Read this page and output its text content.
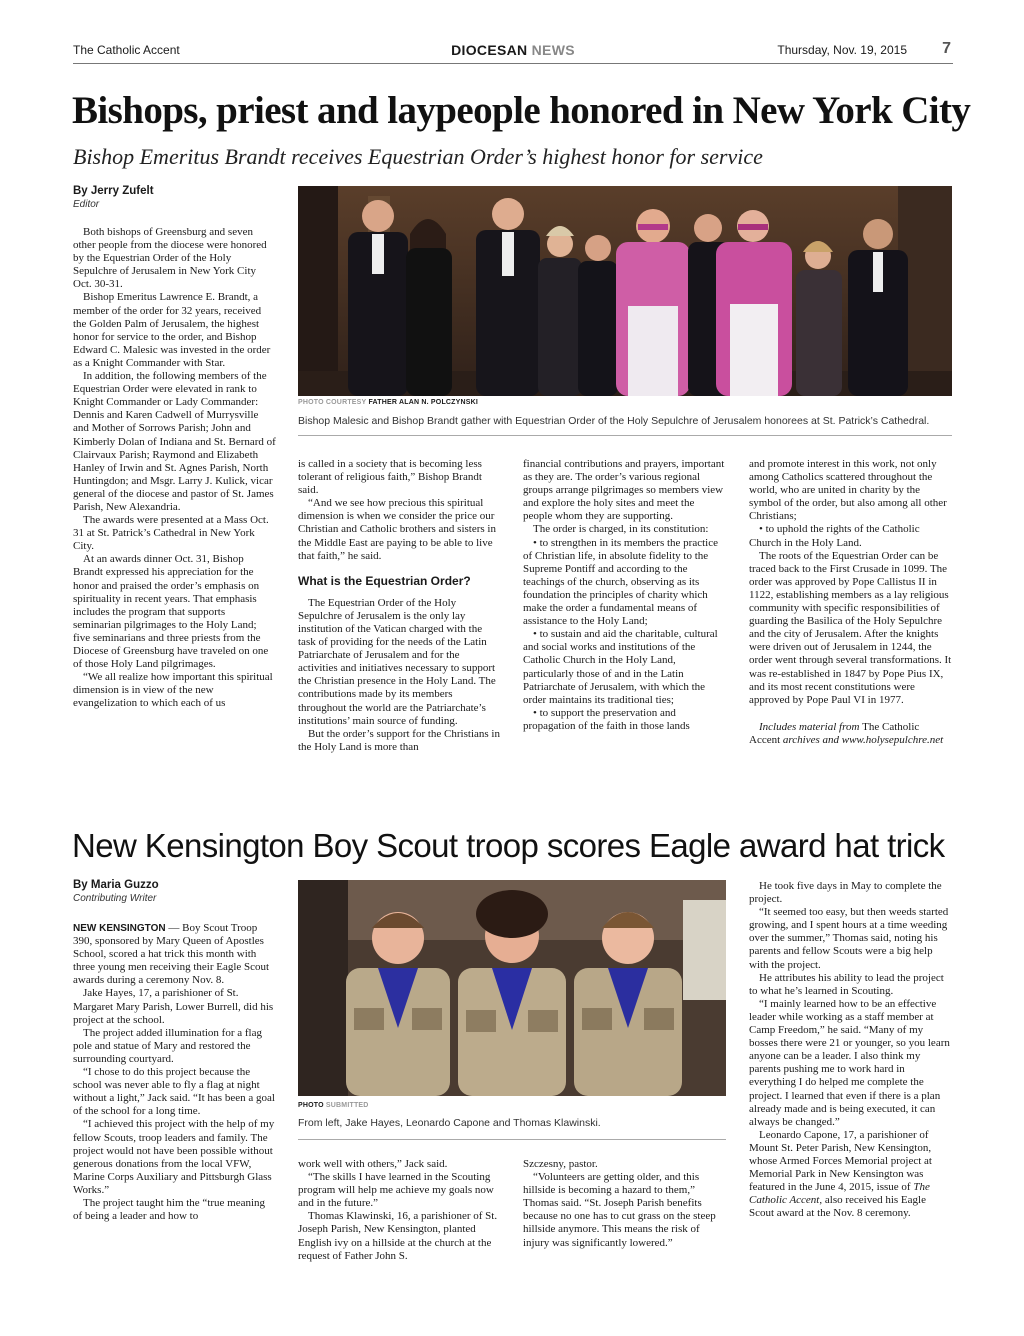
The Catholic Accent	DIOCESAN NEWS	Thursday, Nov. 19, 2015 7
Bishops, priest and laypeople honored in New York City
Bishop Emeritus Brandt receives Equestrian Order’s highest honor for service
By Jerry Zufelt
Editor

Both bishops of Greensburg and seven other people from the diocese were honored by the Equestrian Order of the Holy Sepulchre of Jerusalem in New York City Oct. 30-31.

Bishop Emeritus Lawrence E. Brandt, a member of the order for 32 years, received the Golden Palm of Jerusalem, the highest honor for service to the order, and Bishop Edward C. Malesic was invested in the order as a Knight Commander with Star.

In addition, the following members of the Equestrian Order were elevated in rank to Knight Commander or Lady Commander: Dennis and Karen Cadwell of Murrysville and Mother of Sorrows Parish; John and Kimberly Dolan of Indiana and St. Bernard of Clairvaux Parish; Raymond and Elizabeth Hanley of Irwin and St. Agnes Parish, North Huntingdon; and Msgr. Larry J. Kulick, vicar general of the diocese and pastor of St. James Parish, New Alexandria.

The awards were presented at a Mass Oct. 31 at St. Patrick’s Cathedral in New York City.

At an awards dinner Oct. 31, Bishop Brandt expressed his appreciation for the honor and praised the order’s emphasis on spirituality in recent years. That emphasis includes the program that supports seminarian pilgrimages to the Holy Land; five seminarians and three priests from the Diocese of Greensburg have traveled on one of those Holy Land pilgrimages.

“We all realize how important this spiritual dimension is in view of the new evangelization to which each of us

PHOTO COURTESY FATHER ALAN N. POLCZYNSKI
Bishop Malesic and Bishop Brandt gather with Equestrian Order of the Holy Sepulchre of Jerusalem honorees at St. Patrick’s Cathedral.

is called in a society that is becoming less tolerant of religious faith,” Bishop Brandt said.

“And we see how precious this spiritual dimension is when we consider the price our Christian and Catholic brothers and sisters in the Middle East are paying to be able to live that faith,” he said.

What is the Equestrian Order?

The Equestrian Order of the Holy Sepulchre of Jerusalem is the only lay institution of the Vatican charged with the task of providing for the needs of the Latin Patriarchate of Jerusalem and for the activities and initiatives necessary to support the Christian presence in the Holy Land. The contributions made by its members throughout the world are the Patriarchate’s institutions’ main source of funding.

But the order’s support for the Christians in the Holy Land is more than

financial contributions and prayers, important as they are. The order’s various regional groups arrange pilgrimages so members view and explore the holy sites and meet the people whom they are supporting.

The order is charged, in its constitution:

• to strengthen in its members the practice of Christian life, in absolute fidelity to the Supreme Pontiff and according to the teachings of the church, observing as its foundation the principles of charity which make the order a fundamental means of assistance to the Holy Land;

• to sustain and aid the charitable, cultural and social works and institutions of the Catholic Church in the Holy Land, particularly those of and in the Latin Patriarchate of Jerusalem, with which the order maintains its traditional ties;

• to support the preservation and propagation of the faith in those lands

and promote interest in this work, not only among Catholics scattered throughout the world, who are united in charity by the symbol of the order, but also among all other Christians;

• to uphold the rights of the Catholic Church in the Holy Land.

The roots of the Equestrian Order can be traced back to the First Crusade in 1099. The order was approved by Pope Callistus II in 1122, establishing members as a lay religious community with specific responsibilities of guarding the Basilica of the Holy Sepulchre and the city of Jerusalem. After the knights were driven out of Jerusalem in 1244, the order went through several transformations. It was re-established in 1847 by Pope Pius IX, and its most recent constitutions were approved by Pope Paul VI in 1977.

Includes material from The Catholic Accent archives and www.holysepulchre.net

New Kensington Boy Scout troop scores Eagle award hat trick
By Maria Guzzo
Contributing Writer

NEW KENSINGTON — Boy Scout Troop 390, sponsored by Mary Queen of Apostles School, scored a hat trick this month with three young men receiving their Eagle Scout awards during a ceremony Nov. 8.

Jake Hayes, 17, a parishioner of St. Margaret Mary Parish, Lower Burrell, did his project at the school.

The project added illumination for a flag pole and statue of Mary and restored the surrounding courtyard.

“I chose to do this project because the school was never able to fly a flag at night without a light,” Jack said. “It has been a goal of the school for a long time.

“I achieved this project with the help of my fellow Scouts, troop leaders and family. The project would not have been possible without generous donations from the local VFW, Marine Corps Auxiliary and Pittsburgh Glass Works.”

The project taught him the “true meaning of being a leader and how to

PHOTO SUBMITTED
From left, Jake Hayes, Leonardo Capone and Thomas Klawinski.

work well with others,” Jack said.

“The skills I have learned in the Scouting program will help me achieve my goals now and in the future.”

Thomas Klawinski, 16, a parishioner of St. Joseph Parish, New Kensington, planted English ivy on a hillside at the church at the request of Father John S.

Szczesny, pastor.

“Volunteers are getting older, and this hillside is becoming a hazard to them,” Thomas said. “St. Joseph Parish benefits because no one has to cut grass on the steep hillside anymore. This means the risk of injury was significantly lowered.”

He took five days in May to complete the project.

“It seemed too easy, but then weeds started growing, and I spent hours at a time weeding over the summer,” Thomas said, noting his parents and fellow Scouts were a big help with the project.

He attributes his ability to lead the project to what he’s learned in Scouting.

“I mainly learned how to be an effective leader while working as a staff member at Camp Freedom,” he said. “Many of my bosses there were 21 or younger, so you learn anyone can be a leader. I also think my parents pushing me to work hard in everything I do helped me complete the project. I learned that even if there is a plan already made and is being executed, it can always be changed.”

Leonardo Capone, 17, a parishioner of Mount St. Peter Parish, New Kensington, whose Armed Forces Memorial project at Memorial Park in New Kensington was featured in the June 4, 2015, issue of The Catholic Accent, also received his Eagle Scout award at the Nov. 8 ceremony.
